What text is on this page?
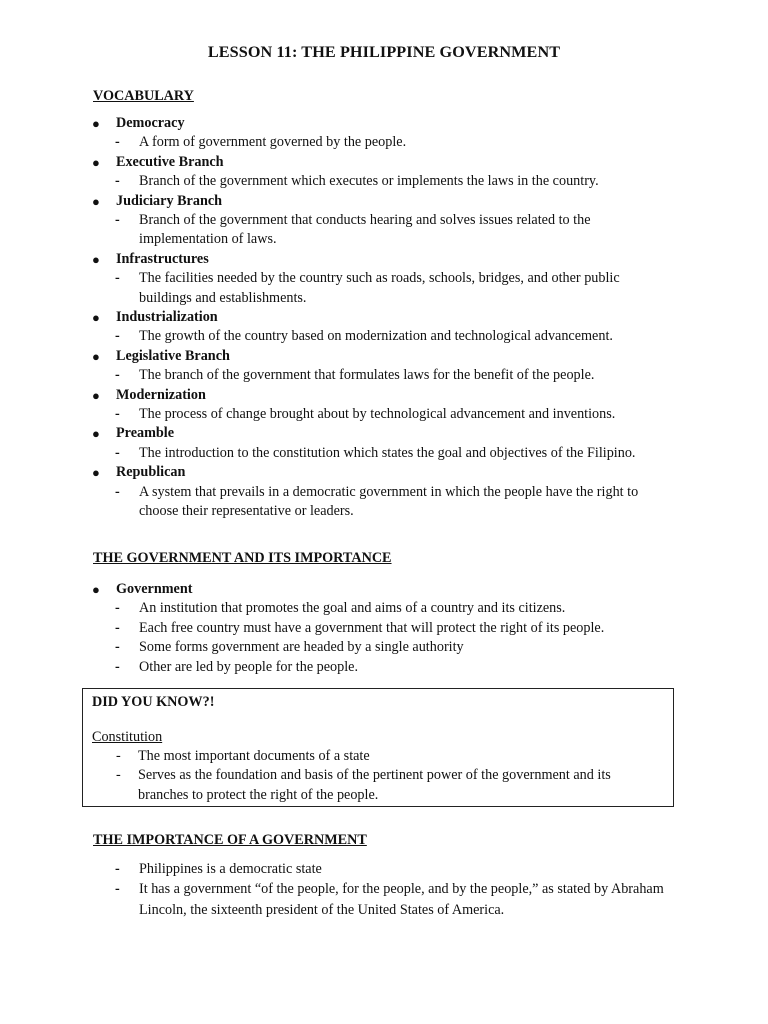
LESSON 11: THE PHILIPPINE GOVERNMENT
VOCABULARY
● Democracy
- A form of government governed by the people.
● Executive Branch
- Branch of the government which executes or implements the laws in the country.
● Judiciary Branch
- Branch of the government that conducts hearing and solves issues related to the implementation of laws.
● Infrastructures
- The facilities needed by the country such as roads, schools, bridges, and other public buildings and establishments.
● Industrialization
- The growth of the country based on modernization and technological advancement.
● Legislative Branch
- The branch of the government that formulates laws for the benefit of the people.
● Modernization
- The process of change brought about by technological advancement and inventions.
● Preamble
- The introduction to the constitution which states the goal and objectives of the Filipino.
● Republican
- A system that prevails in a democratic government in which the people have the right to choose their representative or leaders.
THE GOVERNMENT AND ITS IMPORTANCE
● Government
- An institution that promotes the goal and aims of a country and its citizens.
- Each free country must have a government that will protect the right of its people.
- Some forms government are headed by a single authority
- Other are led by people for the people.
DID YOU KNOW?!
Constitution
- The most important documents of a state
- Serves as the foundation and basis of the pertinent power of the government and its branches to protect the right of the people.
THE IMPORTANCE OF A GOVERNMENT
- Philippines is a democratic state
- It has a government “of the people, for the people, and by the people,” as stated by Abraham Lincoln, the sixteenth president of the United States of America.
